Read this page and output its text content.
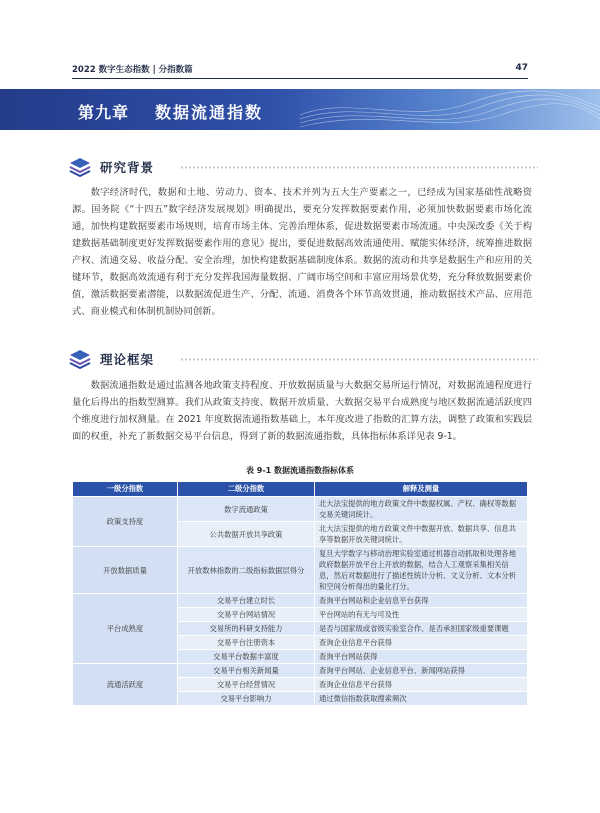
2022 数字生态指数 | 分指数篇	47
第九章 数据流通指数
研究背景

数字经济时代，数据和土地、劳动力、资本、技术并列为五大生产要素之一，已经成为国家基础性战略资源。国务院《“十四五”数字经济发展规划》明确提出，要充分发挥数据要素作用，必须加快数据要素市场化流通，加快构建数据要素市场规则，培育市场主体、完善治理体系，促进数据要素市场流通。中央深改委《关于构建数据基础制度更好发挥数据要素作用的意见》提出，要促进数据高效流通使用、赋能实体经济，统筹推进数据产权、流通交易、收益分配、安全治理，加快构建数据基础制度体系。数据的流动和共享是数据生产和应用的关键环节，数据高效流通有利于充分发挥我国海量数据、广阔市场空间和丰富应用场景优势，充分释放数据要素价值，激活数据要素潜能，以数据流促进生产、分配、流通、消费各个环节高效贯通，推动数据技术产品、应用范式、商业模式和体制机制协同创新。

理论框架

数据流通指数是通过监测各地政策支持程度、开放数据质量与大数据交易所运行情况，对数据流通程度进行量化后得出的指数型测算。我们从政策支持度、数据开放质量、大数据交易平台成熟度与地区数据流通活跃度四个维度进行加权测量。在 2021 年度数据流通指数基础上，本年度改进了指数的汇算方法，调整了政策和实践层面的权重，补充了新数据交易平台信息，得到了新的数据流通指数，具体指标体系详见表 9-1。

表 9-1 数据流通指数指标体系
一级分指数	二级分指数	解释及测量
政策支持度	数字流通政策	北大法宝提供的地方政策文件中数据权属、产权、确权等数据交易关键词统计。
	公共数据开放共享政策	北大法宝提供的地方政策文件中数据开放、数据共享、信息共享等数据开放关键词统计。
开放数据质量	开放数林指数的二级指标数据层得分	复旦大学数字与移动治理实验室通过机器自动抓取和处理各地政府数据开放平台上开放的数据，结合人工观察采集相关信息，然后对数据进行了描述性统计分析、文义分析、文本分析和空间分析得出的量化打分。
平台成熟度	交易平台建立时长	查询平台网站和企业信息平台获得
	交易平台网站情况	平台网站的有无与可及性
	交易所的科研支持能力	是否与国家级或省级实验室合作、是否承担国家级重要课题
	交易平台注册资本	查询企业信息平台获得
	交易平台数据丰富度	查询平台网站获得
流通活跃度	交易平台相关新闻量	查询平台网站、企业信息平台、新闻网站获得
	交易平台经营情况	查询企业信息平台获得
	交易平台影响力	通过微信指数获取搜索频次
